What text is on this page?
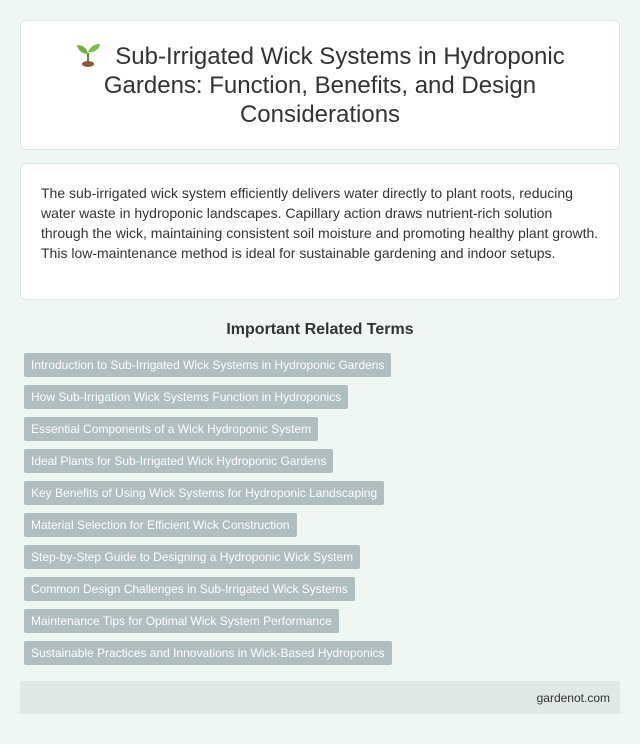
Sub-Irrigated Wick Systems in Hydroponic Gardens: Function, Benefits, and Design Considerations

The sub-irrigated wick system efficiently delivers water directly to plant roots, reducing water waste in hydroponic landscapes. Capillary action draws nutrient-rich solution through the wick, maintaining consistent soil moisture and promoting healthy plant growth. This low-maintenance method is ideal for sustainable gardening and indoor setups.

Important Related Terms
Introduction to Sub-Irrigated Wick Systems in Hydroponic Gardens
How Sub-Irrigation Wick Systems Function in Hydroponics
Essential Components of a Wick Hydroponic System
Ideal Plants for Sub-Irrigated Wick Hydroponic Gardens
Key Benefits of Using Wick Systems for Hydroponic Landscaping
Material Selection for Efficient Wick Construction
Step-by-Step Guide to Designing a Hydroponic Wick System
Common Design Challenges in Sub-Irrigated Wick Systems
Maintenance Tips for Optimal Wick System Performance
Sustainable Practices and Innovations in Wick-Based Hydroponics
gardenot.com
